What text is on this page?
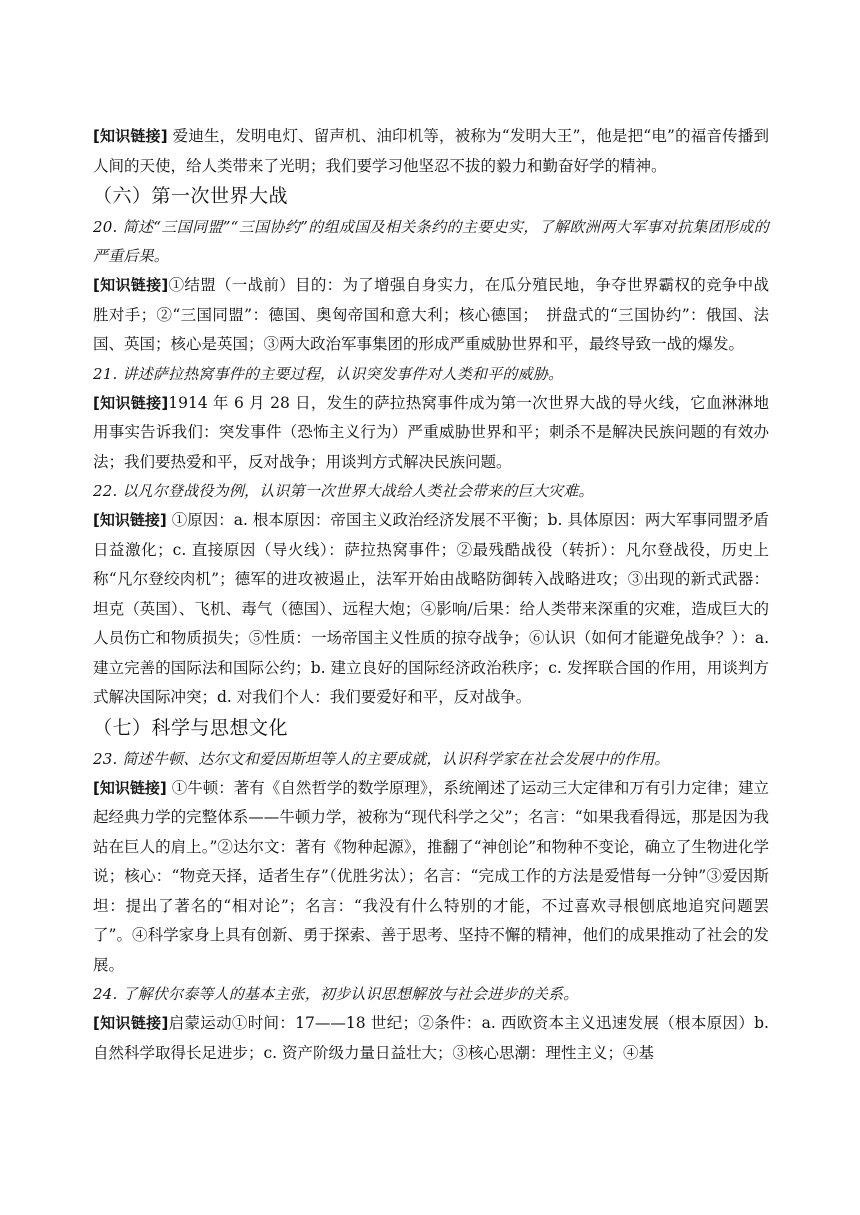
[知识链接] 爱迪生，发明电灯、留声机、油印机等，被称为“发明大王”，他是把“电”的福音传播到人间的天使，给人类带来了光明；我们要学习他坚忍不拔的毅力和勤奋好学的精神。

（六）第一次世界大战

20. 简述“三国同盟”“三国协约”的组成国及相关条约的主要史实，了解欧洲两大军事对抗集团形成的严重后果。

[知识链接]①结盟（一战前）目的：为了增强自身实力，在瓜分殖民地，争夺世界霸权的竞争中战胜对手；②“三国同盟”：德国、奥匈帝国和意大利；核心德国；　拼盘式的“三国协约”：俄国、法国、英国；核心是英国；③两大政治军事集团的形成严重威胁世界和平，最终导致一战的爆发。

21. 讲述萨拉热窝事件的主要过程，认识突发事件对人类和平的威胁。

[知识链接]1914 年 6 月 28 日，发生的萨拉热窝事件成为第一次世界大战的导火线，它血淋淋地用事实告诉我们：突发事件（恐怖主义行为）严重威胁世界和平；刺杀不是解决民族问题的有效办法；我们要热爱和平，反对战争；用谈判方式解决民族问题。

22. 以凡尔登战役为例，认识第一次世界大战给人类社会带来的巨大灾难。

[知识链接] ①原因：a. 根本原因：帝国主义政治经济发展不平衡；b. 具体原因：两大军事同盟矛盾日益激化；c. 直接原因（导火线）：萨拉热窝事件；②最残酷战役（转折）：凡尔登战役，历史上称“凡尔登绞肉机”；德军的进攻被遏止，法军开始由战略防御转入战略进攻；③出现的新式武器：坦克（英国）、飞机、毒气（德国）、远程大炮；④影响/后果：给人类带来深重的灾难，造成巨大的人员伤亡和物质损失；⑤性质：一场帝国主义性质的掠夺战争；⑥认识（如何才能避免战争？）：a. 建立完善的国际法和国际公约；b. 建立良好的国际经济政治秩序；c. 发挥联合国的作用，用谈判方式解决国际冲突；d. 对我们个人：我们要爱好和平，反对战争。

（七）科学与思想文化

23. 简述牛顿、达尔文和爱因斯坦等人的主要成就，认识科学家在社会发展中的作用。

[知识链接] ①牛顿：著有《自然哲学的数学原理》，系统阐述了运动三大定律和万有引力定律；建立起经典力学的完整体系——牛顿力学，被称为“现代科学之父”；名言：“如果我看得远，那是因为我站在巨人的肩上。”②达尔文：著有《物种起源》，推翻了“神创论”和物种不变论，确立了生物进化学说；核心：“物竞天择，适者生存”（优胜劣汰）；名言：“完成工作的方法是爱惜每一分钟”③爱因斯坦：提出了著名的“相对论”；名言：“我没有什么特别的才能，不过喜欢寻根刨底地追究问题罢了”。④科学家身上具有创新、勇于探索、善于思考、坚持不懈的精神，他们的成果推动了社会的发展。

24. 了解伏尔泰等人的基本主张，初步认识思想解放与社会进步的关系。

[知识链接]启蒙运动①时间：17——18 世纪；②条件：a. 西欧资本主义迅速发展（根本原因）b. 自然科学取得长足进步；c. 资产阶级力量日益壮大；③核心思潮：理性主义；④基
